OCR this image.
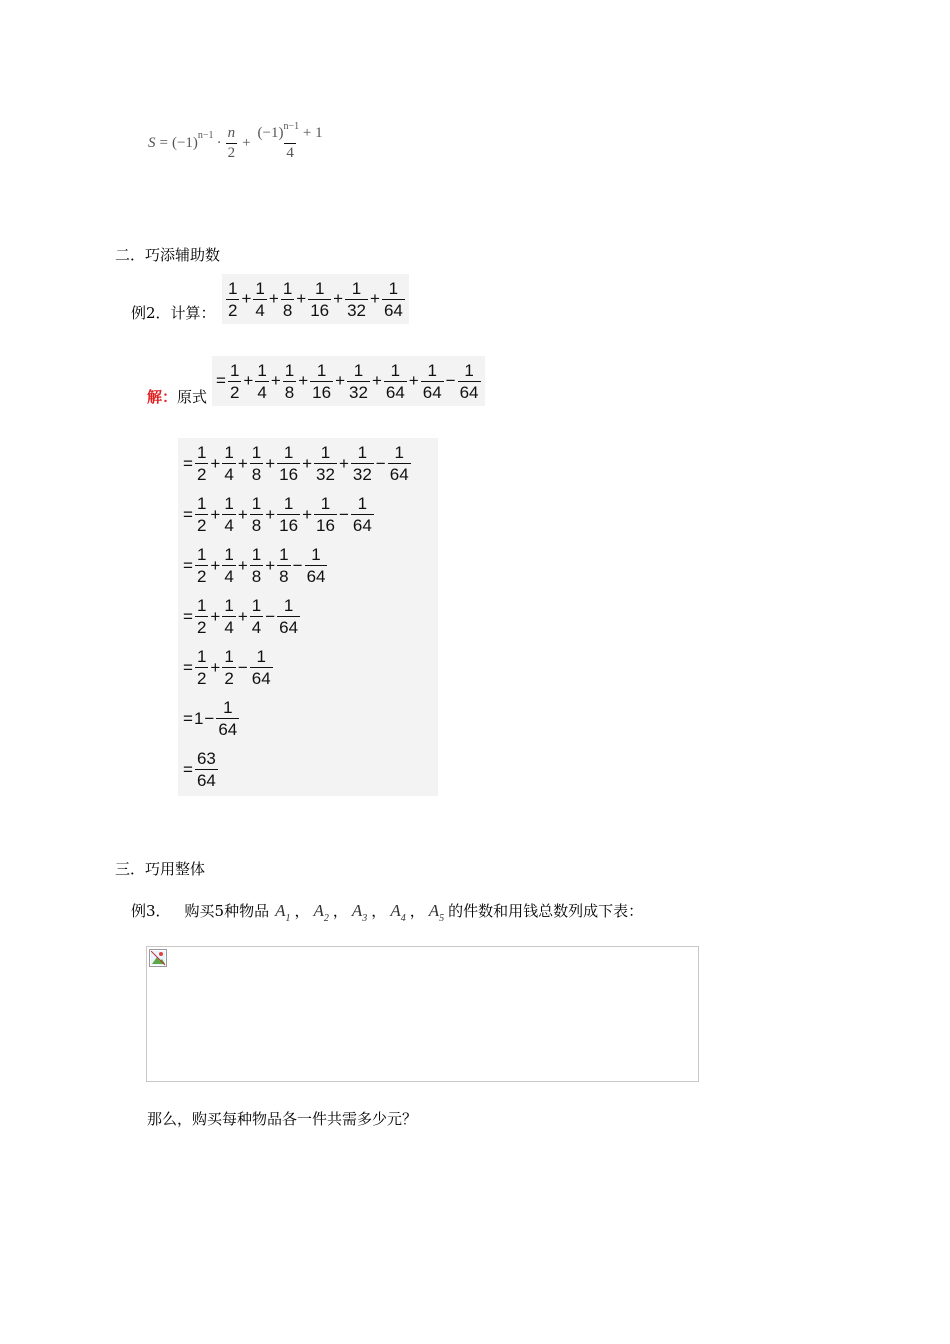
S = (−1) $n-1 \cdot \frac{n}{2} + \frac{(-1)^{n-1} + 1}{4}$
二．巧添辅助数
例2．计算： $\frac{1}{2} + \frac{1}{4} + \frac{1}{8} + \frac{1}{16} + \frac{1}{32} + \frac{1}{64}$
解：原式
= $\frac{1}{2} + \frac{1}{4} + \frac{1}{8} + \frac{1}{16} + \frac{1}{32} + \frac{1}{64} + \frac{1}{64} - \frac{1}{64}$
= $\frac{1}{2} + \frac{1}{4} + \frac{1}{8} + \frac{1}{16} + \frac{1}{32} + \frac{1}{32} - \frac{1}{64}$
= $\frac{1}{2} + \frac{1}{4} + \frac{1}{8} + \frac{1}{16} + \frac{1}{16} - \frac{1}{64}$
= $\frac{1}{2} + \frac{1}{4} + \frac{1}{8} + \frac{1}{8} - \frac{1}{64}$
= $\frac{1}{2} + \frac{1}{4} + \frac{1}{4} - \frac{1}{64}$
= $\frac{1}{2} + \frac{1}{2} - \frac{1}{64}$
= $1 - \frac{1}{64}$
= $\frac{63}{64}$
三．巧用整体
例3． 购买5种物品 $A_1$ ， $A_2$ ， $A_3$ ， $A_4$ ， $A_5$ 的件数和用钱总数列成下表：
那么，购买每种物品各一件共需多少元？
